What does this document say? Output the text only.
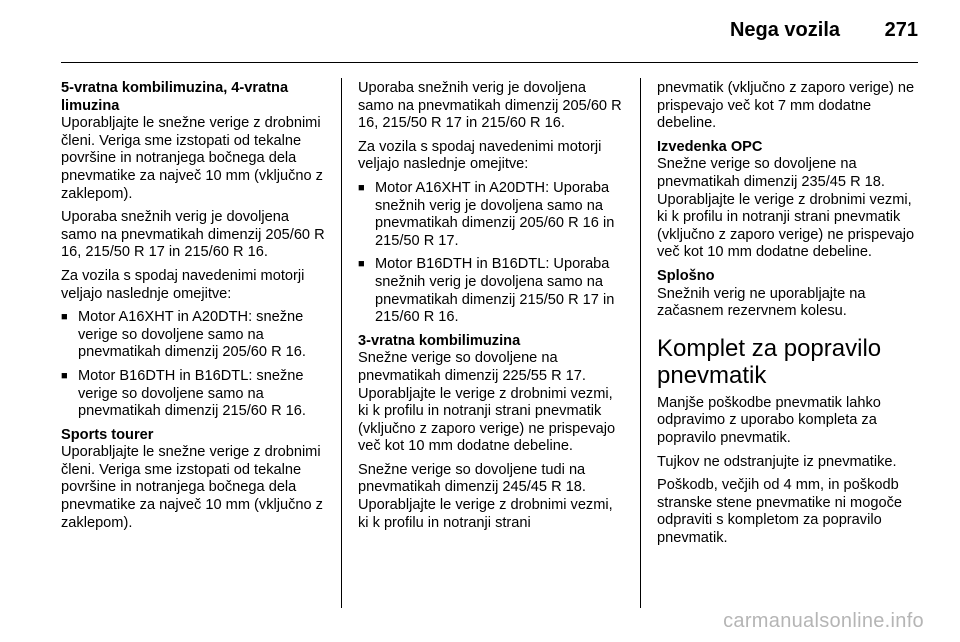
Nega vozila 271
5-vratna kombilimuzina, 4-vratna limuzina

Uporabljajte le snežne verige z drobnimi členi. Veriga sme izstopati od tekalne površine in notranjega bočnega dela pnevmatike za največ 10 mm (vključno z zaklepom).

Uporaba snežnih verig je dovoljena samo na pnevmatikah dimenzij 205/60 R 16, 215/50 R 17 in 215/60 R 16.

Za vozila s spodaj navedenimi motorji veljajo naslednje omejitve:

■ Motor A16XHT in A20DTH: snežne verige so dovoljene samo na pnevmatikah dimenzij 205/60 R 16.
■ Motor B16DTH in B16DTL: snežne verige so dovoljene samo na pnevmatikah dimenzij 215/60 R 16.
Sports tourer

Uporabljajte le snežne verige z drobnimi členi. Veriga sme izstopati od tekalne površine in notranjega bočnega dela pnevmatike za največ 10 mm (vključno z zaklepom).

Uporaba snežnih verig je dovoljena samo na pnevmatikah dimenzij 205/60 R 16, 215/50 R 17 in 215/60 R 16.

Za vozila s spodaj navedenimi motorji veljajo naslednje omejitve:

■ Motor A16XHT in A20DTH: Uporaba snežnih verig je dovoljena samo na pnevmatikah dimenzij 205/60 R 16 in 215/50 R 17.
■ Motor B16DTH in B16DTL: Uporaba snežnih verig je dovoljena samo na pnevmatikah dimenzij 215/50 R 17 in 215/60 R 16.
3-vratna kombilimuzina

Snežne verige so dovoljene na pnevmatikah dimenzij 225/55 R 17. Uporabljajte le verige z drobnimi vezmi, ki k profilu in notranji strani pnevmatik (vključno z zaporo verige) ne prispevajo več kot 10 mm dodatne debeline.

Snežne verige so dovoljene tudi na pnevmatikah dimenzij 245/45 R 18. Uporabljajte le verige z drobnimi vezmi, ki k profilu in notranji strani

pnevmatik (vključno z zaporo verige) ne prispevajo več kot 7 mm dodatne debeline.

Izvedenka OPC

Snežne verige so dovoljene na pnevmatikah dimenzij 235/45 R 18. Uporabljajte le verige z drobnimi vezmi, ki k profilu in notranji strani pnevmatik (vključno z zaporo verige) ne prispevajo več kot 10 mm dodatne debeline.

Splošno

Snežnih verig ne uporabljajte na začasnem rezervnem kolesu.

Komplet za popravilo pnevmatik

Manjše poškodbe pnevmatik lahko odpravimo z uporabo kompleta za popravilo pnevmatik.

Tujkov ne odstranjujte iz pnevmatike.

Poškodb, večjih od 4 mm, in poškodb stranske stene pnevmatike ni mogoče odpraviti s kompletom za popravilo pnevmatik.

carmanualsonline.info
